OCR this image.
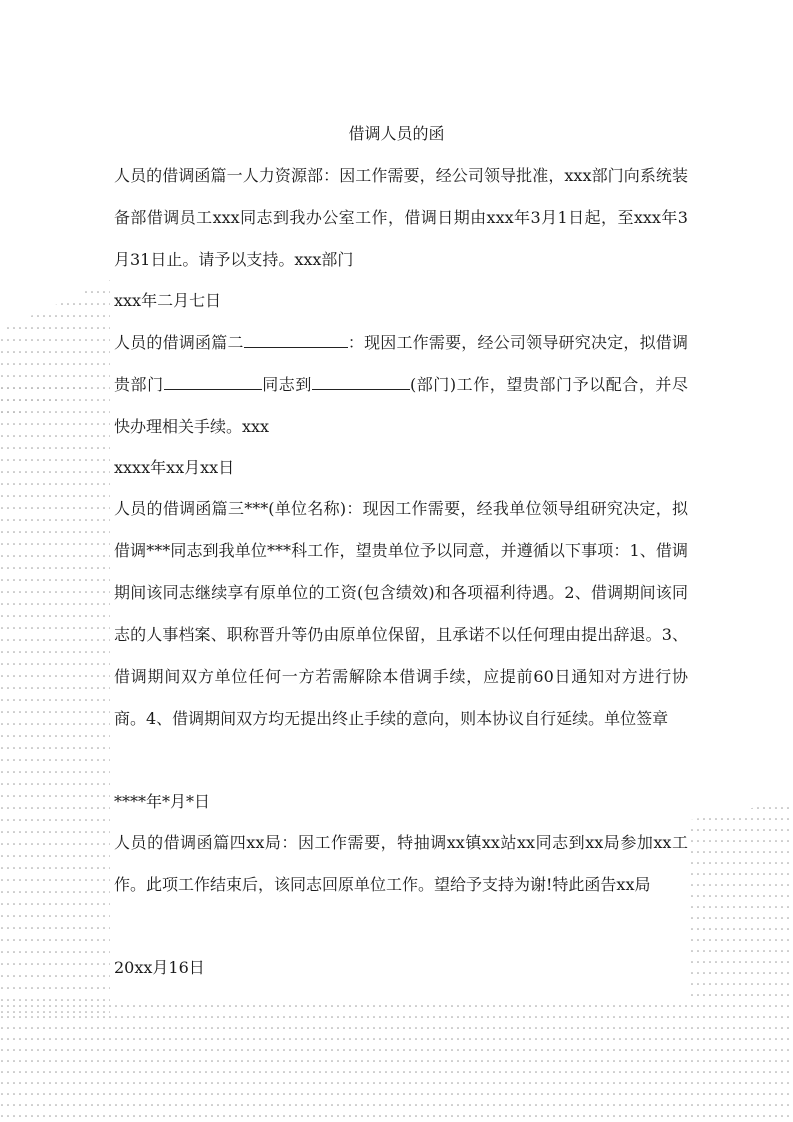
借调人员的函

人员的借调函篇一人力资源部：因工作需要，经公司领导批准，xxx部门向系统装备部借调员工xxx同志到我办公室工作，借调日期由xxx年3月1日起，至xxx年3月31日止。请予以支持。xxx部门

xxx年二月七日

人员的借调函篇二	：现因工作需要，经公司领导研究决定，拟借调贵部门	同志到	(部门)工作，望贵部门予以配合，并尽快办理相关手续。xxx

xxxx年xx月xx日

人员的借调函篇三***(单位名称)：现因工作需要，经我单位领导组研究决定，拟借调***同志到我单位***科工作，望贵单位予以同意，并遵循以下事项：1、借调期间该同志继续享有原单位的工资(包含绩效)和各项福利待遇。2、借调期间该同志的人事档案、职称晋升等仍由原单位保留，且承诺不以任何理由提出辞退。3、借调期间双方单位任何一方若需解除本借调手续，应提前60日通知对方进行协商。4、借调期间双方均无提出终止手续的意向，则本协议自行延续。单位签章

****年*月*日

人员的借调函篇四xx局：因工作需要，特抽调xx镇xx站xx同志到xx局参加xx工作。此项工作结束后，该同志回原单位工作。望给予支持为谢!特此函告xx局

20xx月16日
